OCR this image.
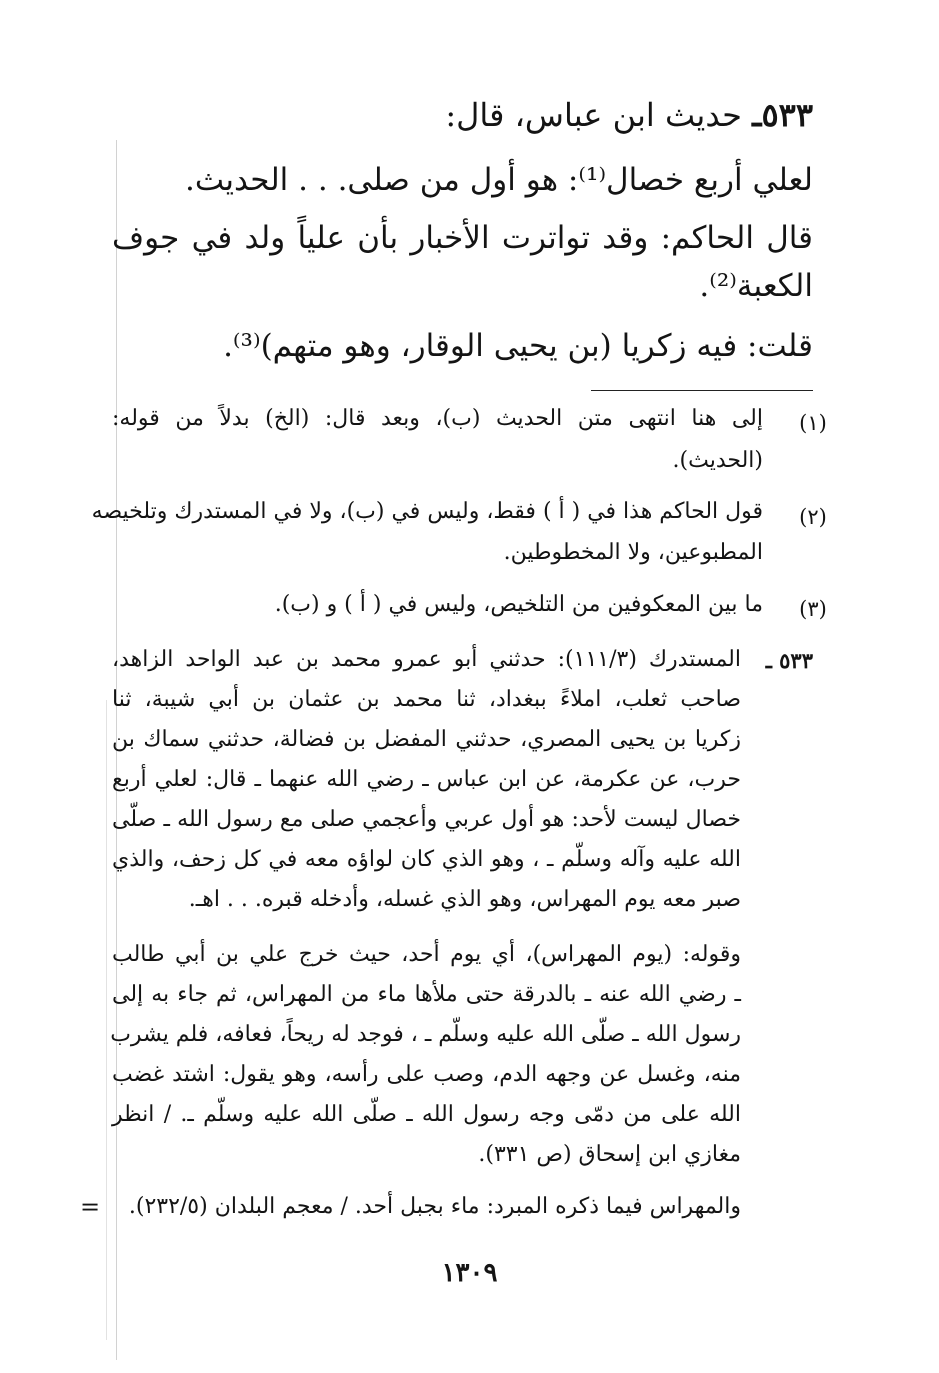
٥٣٣ـ حديث ابن عباس، قال:
لعلي أربع خصال⁽¹⁾: هو أول من صلى. . . الحديث.
قال الحاكم: وقد تواترت الأخبار بأن علياً ولد في جوف
الكعبة⁽²⁾.
قلت: فيه زكريا (بن يحيى الوقار، وهو متهم)⁽³⁾.
(١)
إلى هنا انتهى متن الحديث (ب)، وبعد قال: (الخ) بدلاً من قوله:
(الحديث).
(٢)
قول الحاكم هذا في ( أ ) فقط، وليس في (ب)، ولا في المستدرك وتلخيصه
المطبوعين، ولا المخطوطين.
(٣)
ما بين المعكوفين من التلخيص، وليس في ( أ ) و (ب).
٥٣٣ ـ
المستدرك (١١١/٣): حدثني أبو عمرو محمد بن عبد الواحد الزاهد،
صاحب ثعلب، املاءً ببغداد، ثنا محمد بن عثمان بن أبي شيبة، ثنا
زكريا بن يحيى المصري، حدثني المفضل بن فضالة، حدثني سماك بن
حرب، عن عكرمة، عن ابن عباس ـ رضي الله عنهما ـ قال: لعلي أربع
خصال ليست لأحد: هو أول عربي وأعجمي صلى مع رسول الله ـ صلّى
الله عليه وآله وسلّم ـ ، وهو الذي كان لواؤه معه في كل زحف، والذي
صبر معه يوم المهراس، وهو الذي غسله، وأدخله قبره. . . اهـ.
وقوله: (يوم المهراس)، أي يوم أحد، حيث خرج علي بن أبي طالب
ـ رضي الله عنه ـ بالدرقة حتى ملأها ماء من المهراس، ثم جاء به إلى
رسول الله ـ صلّى الله عليه وسلّم ـ ، فوجد له ريحاً، فعافه، فلم يشرب
منه، وغسل عن وجهه الدم، وصب على رأسه، وهو يقول: اشتد غضب
الله على من دمّى وجه رسول الله ـ صلّى الله عليه وسلّم ـ. / انظر
مغازي ابن إسحاق (ص ٣٣١).
والمهراس فيما ذكره المبرد: ماء بجبل أحد. / معجم البلدان (٢٣٢/٥).
=
١٣٠٩
